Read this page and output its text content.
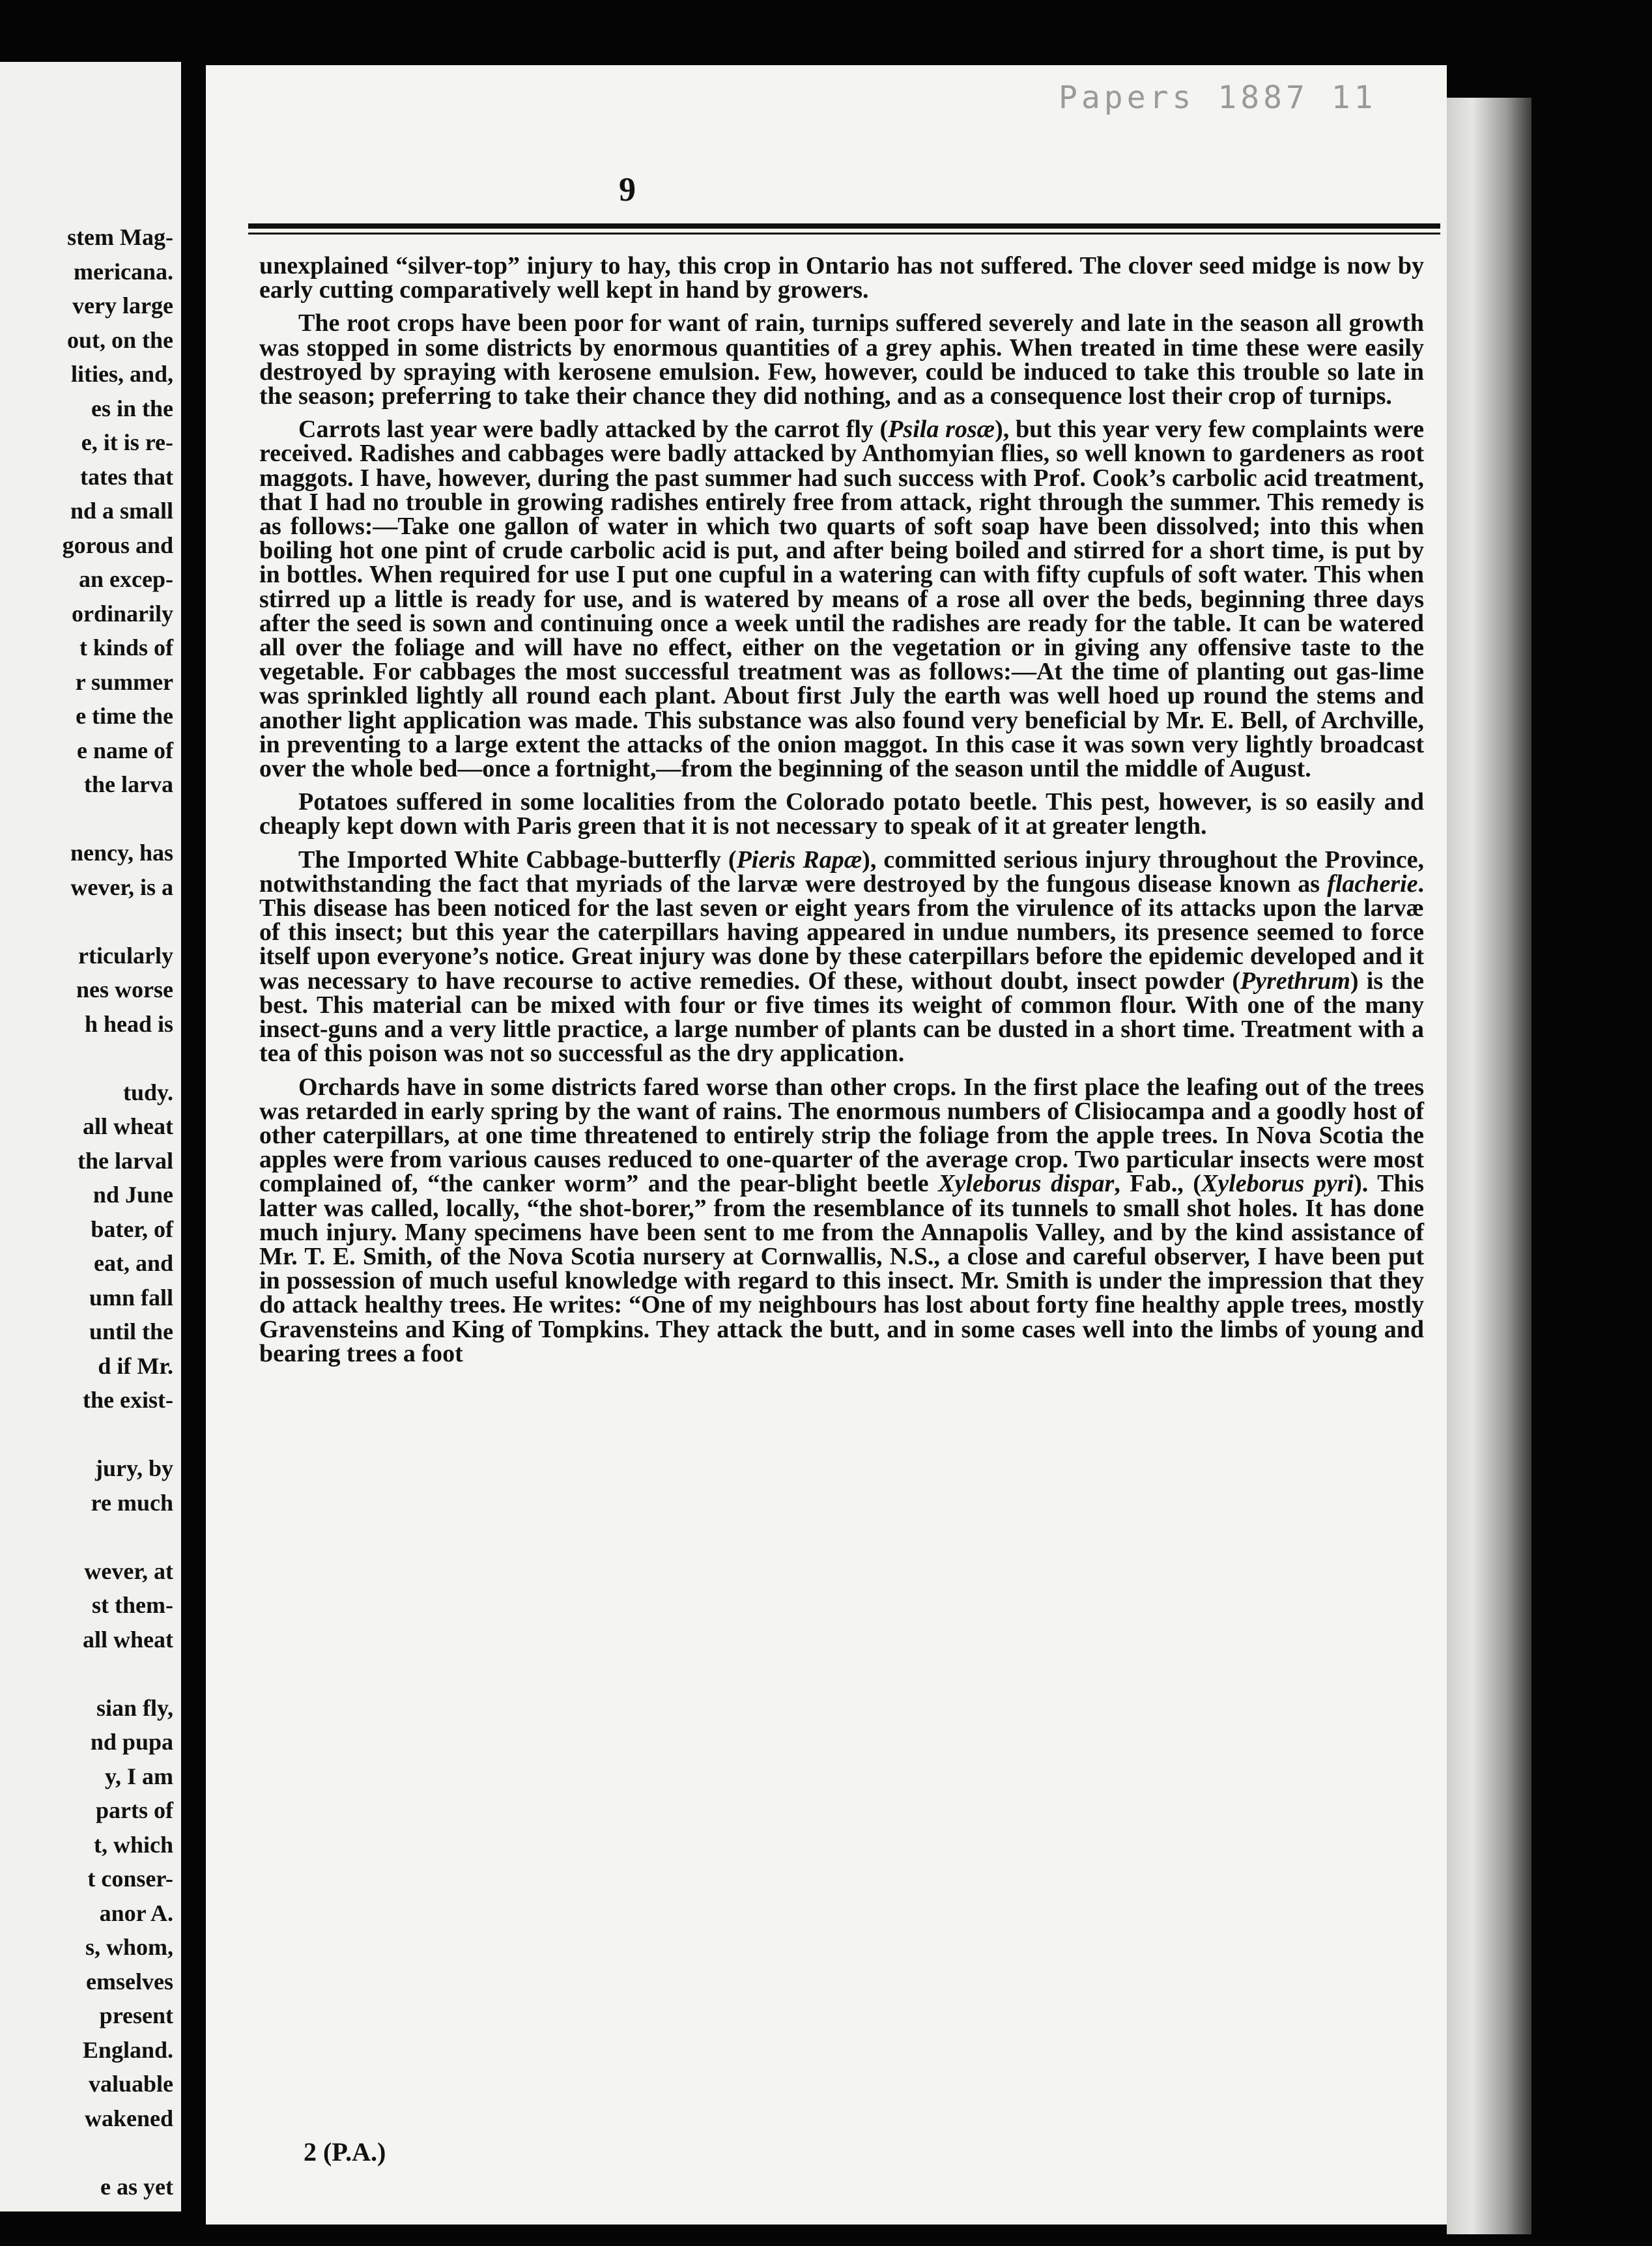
stem Mag-
mericana.
very large
out, on the
lities, and,
es in the
e, it is re-
tates that
nd a small
gorous and
an excep-
ordinarily
t kinds of
r summer
e time the
e name of
the larva
nency, has
wever, is a
rticularly
nes worse
h head is
tudy.
all wheat
the larval
nd June
bater, of
eat, and
umn fall
until the
d if Mr.
the exist-
jury, by
re much
wever, at
st them-
all wheat
sian fly,
nd pupa
y, I am
parts of
t, which
t conser-
anor A.
s, whom,
emselves
present
England.
valuable
wakened
e as yet
Papers 1887 11
9

unexplained “silver-top” injury to hay, this crop in Ontario has not suffered. The clover seed midge is now by early cutting comparatively well kept in hand by growers.

The root crops have been poor for want of rain, turnips suffered severely and late in the season all growth was stopped in some districts by enormous quantities of a grey aphis. When treated in time these were easily destroyed by spraying with kerosene emulsion. Few, however, could be induced to take this trouble so late in the season; preferring to take their chance they did nothing, and as a consequence lost their crop of turnips.

Carrots last year were badly attacked by the carrot fly (Psila rosæ), but this year very few complaints were received. Radishes and cabbages were badly attacked by Anthomyian flies, so well known to gardeners as root maggots. I have, however, during the past summer had such success with Prof. Cook’s carbolic acid treatment, that I had no trouble in growing radishes entirely free from attack, right through the summer. This remedy is as follows:—Take one gallon of water in which two quarts of soft soap have been dissolved; into this when boiling hot one pint of crude carbolic acid is put, and after being boiled and stirred for a short time, is put by in bottles. When required for use I put one cupful in a watering can with fifty cupfuls of soft water. This when stirred up a little is ready for use, and is watered by means of a rose all over the beds, beginning three days after the seed is sown and continuing once a week until the radishes are ready for the table. It can be watered all over the foliage and will have no effect, either on the vegetation or in giving any offensive taste to the vegetable. For cabbages the most successful treatment was as follows:—At the time of planting out gas-lime was sprinkled lightly all round each plant. About first July the earth was well hoed up round the stems and another light application was made. This substance was also found very beneficial by Mr. E. Bell, of Archville, in preventing to a large extent the attacks of the onion maggot. In this case it was sown very lightly broadcast over the whole bed—once a fortnight,—from the beginning of the season until the middle of August.

Potatoes suffered in some localities from the Colorado potato beetle. This pest, however, is so easily and cheaply kept down with Paris green that it is not necessary to speak of it at greater length.

The Imported White Cabbage-butterfly (Pieris Rapæ), committed serious injury throughout the Province, notwithstanding the fact that myriads of the larvæ were destroyed by the fungous disease known as flacherie. This disease has been noticed for the last seven or eight years from the virulence of its attacks upon the larvæ of this insect; but this year the caterpillars having appeared in undue numbers, its presence seemed to force itself upon everyone’s notice. Great injury was done by these caterpillars before the epidemic developed and it was necessary to have recourse to active remedies. Of these, without doubt, insect powder (Pyrethrum) is the best. This material can be mixed with four or five times its weight of common flour. With one of the many insect-guns and a very little practice, a large number of plants can be dusted in a short time. Treatment with a tea of this poison was not so successful as the dry application.

Orchards have in some districts fared worse than other crops. In the first place the leafing out of the trees was retarded in early spring by the want of rains. The enormous numbers of Clisiocampa and a goodly host of other caterpillars, at one time threatened to entirely strip the foliage from the apple trees. In Nova Scotia the apples were from various causes reduced to one-quarter of the average crop. Two particular insects were most complained of, “the canker worm” and the pear-blight beetle Xyleborus dispar, Fab., (Xyleborus pyri). This latter was called, locally, “the shot-borer,” from the resemblance of its tunnels to small shot holes. It has done much injury. Many specimens have been sent to me from the Annapolis Valley, and by the kind assistance of Mr. T. E. Smith, of the Nova Scotia nursery at Cornwallis, N.S., a close and careful observer, I have been put in possession of much useful knowledge with regard to this insect. Mr. Smith is under the impression that they do attack healthy trees. He writes: “One of my neighbours has lost about forty fine healthy apple trees, mostly Gravensteins and King of Tompkins. They attack the butt, and in some cases well into the limbs of young and bearing trees a foot

2 (P.A.)
